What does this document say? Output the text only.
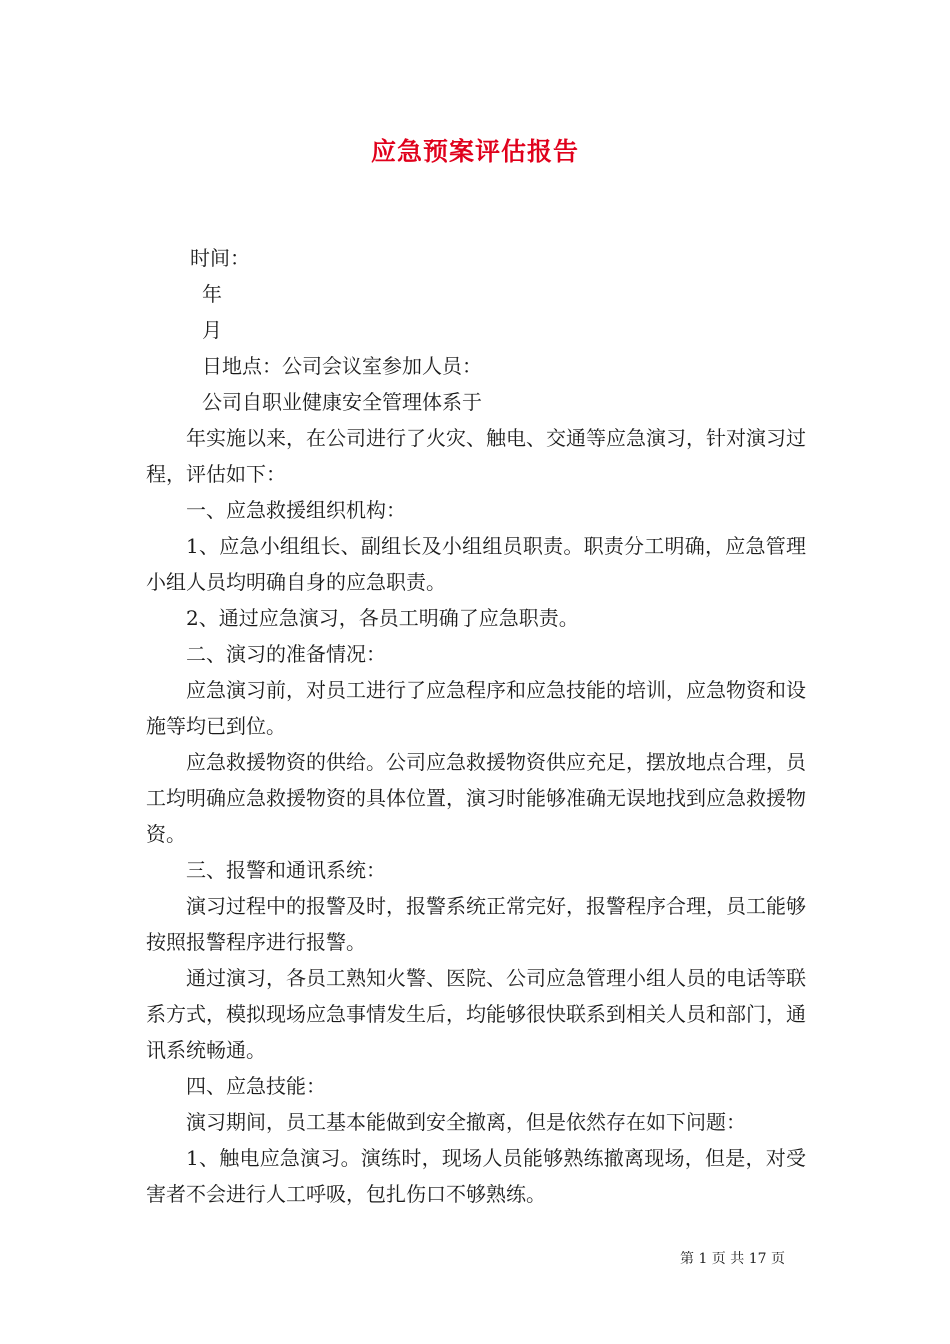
应急预案评估报告

时间：

年

月

日地点：公司会议室参加人员：

公司自职业健康安全管理体系于

年实施以来，在公司进行了火灾、触电、交通等应急演习，针对演习过程，评估如下：

一、应急救援组织机构：

1、应急小组组长、副组长及小组组员职责。职责分工明确，应急管理小组人员均明确自身的应急职责。

2、通过应急演习，各员工明确了应急职责。

二、演习的准备情况：

应急演习前，对员工进行了应急程序和应急技能的培训，应急物资和设施等均已到位。

应急救援物资的供给。公司应急救援物资供应充足，摆放地点合理，员工均明确应急救援物资的具体位置，演习时能够准确无误地找到应急救援物资。

三、报警和通讯系统：

演习过程中的报警及时，报警系统正常完好，报警程序合理，员工能够按照报警程序进行报警。

通过演习，各员工熟知火警、医院、公司应急管理小组人员的电话等联系方式，模拟现场应急事情发生后，均能够很快联系到相关人员和部门，通讯系统畅通。

四、应急技能：

演习期间，员工基本能做到安全撤离，但是依然存在如下问题：

1、触电应急演习。演练时，现场人员能够熟练撤离现场，但是，对受害者不会进行人工呼吸，包扎伤口不够熟练。

第 1 页 共 17 页
